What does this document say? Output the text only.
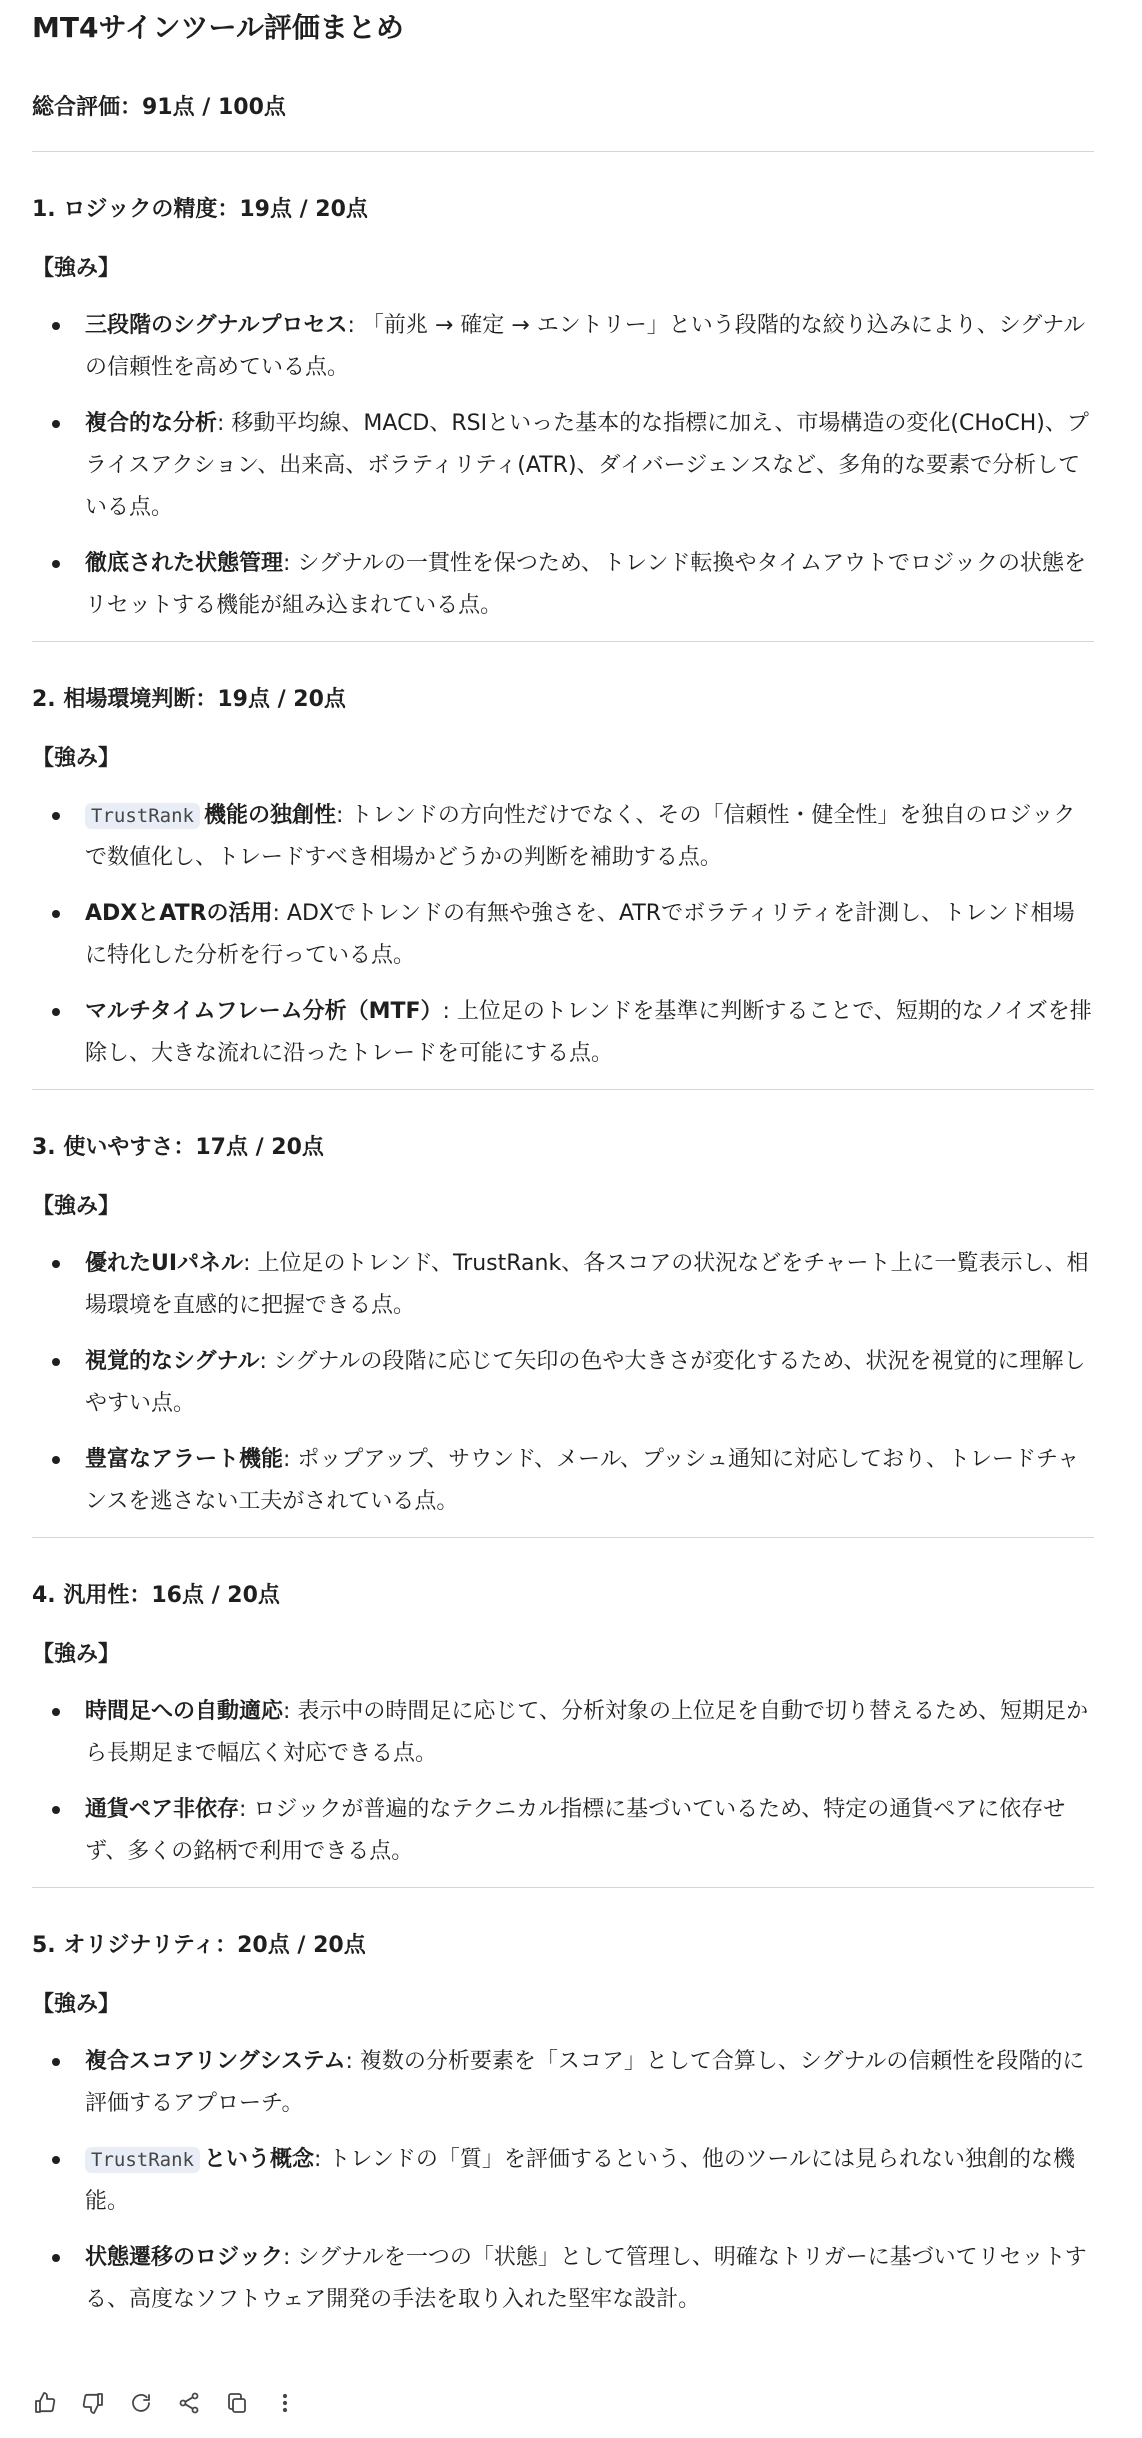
MT4サインツール評価まとめ

総合評価：91点 / 100点

1. ロジックの精度：19点 / 20点

【強み】

三段階のシグナルプロセス: 「前兆 → 確定 → エントリー」という段階的な絞り込みにより、シグナルの信頼性を高めている点。
複合的な分析: 移動平均線、MACD、RSIといった基本的な指標に加え、市場構造の変化(CHoCH)、プライスアクション、出来高、ボラティリティ(ATR)、ダイバージェンスなど、多角的な要素で分析している点。
徹底された状態管理: シグナルの一貫性を保つため、トレンド転換やタイムアウトでロジックの状態をリセットする機能が組み込まれている点。
2. 相場環境判断：19点 / 20点

【強み】

TrustRank 機能の独創性: トレンドの方向性だけでなく、その「信頼性・健全性」を独自のロジックで数値化し、トレードすべき相場かどうかの判断を補助する点。
ADXとATRの活用: ADXでトレンドの有無や強さを、ATRでボラティリティを計測し、トレンド相場に特化した分析を行っている点。
マルチタイムフレーム分析（MTF）: 上位足のトレンドを基準に判断することで、短期的なノイズを排除し、大きな流れに沿ったトレードを可能にする点。
3. 使いやすさ：17点 / 20点

【強み】

優れたUIパネル: 上位足のトレンド、TrustRank、各スコアの状況などをチャート上に一覧表示し、相場環境を直感的に把握できる点。
視覚的なシグナル: シグナルの段階に応じて矢印の色や大きさが変化するため、状況を視覚的に理解しやすい点。
豊富なアラート機能: ポップアップ、サウンド、メール、プッシュ通知に対応しており、トレードチャンスを逃さない工夫がされている点。
4. 汎用性：16点 / 20点

【強み】

時間足への自動適応: 表示中の時間足に応じて、分析対象の上位足を自動で切り替えるため、短期足から長期足まで幅広く対応できる点。
通貨ペア非依存: ロジックが普遍的なテクニカル指標に基づいているため、特定の通貨ペアに依存せず、多くの銘柄で利用できる点。
5. オリジナリティ：20点 / 20点

【強み】

複合スコアリングシステム: 複数の分析要素を「スコア」として合算し、シグナルの信頼性を段階的に評価するアプローチ。
TrustRank という概念: トレンドの「質」を評価するという、他のツールには見られない独創的な機能。
状態遷移のロジック: シグナルを一つの「状態」として管理し、明確なトリガーに基づいてリセットする、高度なソフトウェア開発の手法を取り入れた堅牢な設計。
